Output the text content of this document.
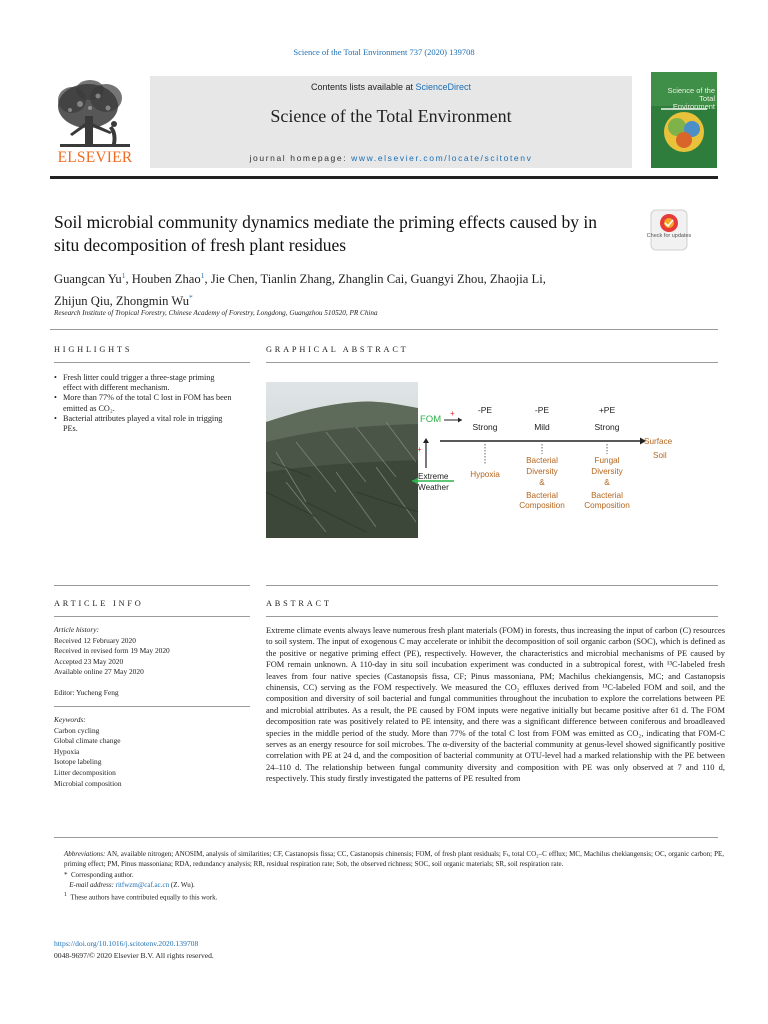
Science of the Total Environment 737 (2020) 139708
Contents lists available at ScienceDirect
Science of the Total Environment
journal homepage: www.elsevier.com/locate/scitotenv
ELSEVIER
Science of the Total Environment
Soil microbial community dynamics mediate the priming effects caused by in situ decomposition of fresh plant residues	Check for updates
Guangcan Yu$^1$, Houben Zhao$^1$, Jie Chen, Tianlin Zhang, Zhanglin Cai, Guangyi Zhou, Zhaojia Li,
Zhijun Qiu, Zhongmin Wu*
Research Institute of Tropical Forestry, Chinese Academy of Forestry, Longdong, Guangzhou 510520, PR China
HIGHLIGHTS	GRAPHICAL ABSTRACT
• Fresh litter could trigger a three-stage priming effect with different mechanism.
• More than 77% of the total C lost in FOM has been emitted as CO₂.
• Bacterial attributes played a vital role in trigging PEs.
FOM
+
+
Surface
Soil
-PE
Strong
Hypoxia
-PE
Mild
Bacterial
Diversity
&
Bacterial
Composition
+PE
Strong
Fungal
Diversity
&
Bacterial
Composition
Extreme
Weather
ARTICLE INFO	ABSTRACT
Article history:
Received 12 February 2020
Received in revised form 19 May 2020
Accepted 23 May 2020
Available online 27 May 2020
Editor: Yucheng Feng
Keywords:
Carbon cycling
Global climate change
Hypoxia
Isotope labeling
Litter decomposition
Microbial composition
Extreme climate events always leave numerous fresh plant materials (FOM) in forests, thus increasing the input of carbon (C) resources to soil system. The input of exogenous C may accelerate or inhibit the decomposition of soil organic carbon (SOC), which is defined as the positive or negative priming effect (PE), respectively. However, the characteristics and microbial mechanisms of PE caused by FOM remain unknown. A 110-day in situ soil incubation experiment was conducted in a subtropical forest, with ¹³C-labeled fresh leaves from four native species (Castanopsis fissa, CF; Pinus massoniana, PM; Machilus chekiangensis, MC; and Castanopsis chinensis, CC) serving as the FOM respectively. We measured the CO₂ effluxes derived from ¹³C-labeled FOM and soil, and the composition and diversity of soil bacterial and fungal communities throughout the incubation to explore the correlations between PE and microbial attributes. As a result, the PE caused by FOM inputs were negative initially but became positive after 61 d. The FOM decomposition rate was positively related to PE intensity, and there was a significant difference between coniferous and broadleaved species in the middle period of the study. More than 77% of the total C lost from FOM was emitted as CO₂, indicating that FOM-C serves as an energy resource for soil microbes. The α-diversity of the bacterial community at genus-level showed significantly positive correlation with PE at 24 d, and the composition of bacterial community at OTU-level had a marked relationship with the PE between 24–110 d. The relationship between fungal community diversity and composition with PE was only observed at 7 and 110 d, respectively. This study firstly investigated the patterns of PE resulted from
Abbreviations: AN, available nitrogen; ANOSIM, analysis of similarities; CF, Castanopsis fissa; CC, Castanopsis chinensis; FOM, of fresh plant residuals; Fₜ, total CO₂–C efflux; MC, Machilus chekiangensis; OC, organic carbon; PE, priming effect; PM, Pinus massoniana; RDA, redundancy analysis; RR, residual respiration rate; Sob, the observed richness; SOC, soil organic materials; SR, soil respiration rate.
* Corresponding author.
E-mail address: ritfwzm@caf.ac.cn (Z. Wu).
$^1$ These authors have contributed equally to this work.
https://doi.org/10.1016/j.scitotenv.2020.139708
0048-9697/© 2020 Elsevier B.V. All rights reserved.
